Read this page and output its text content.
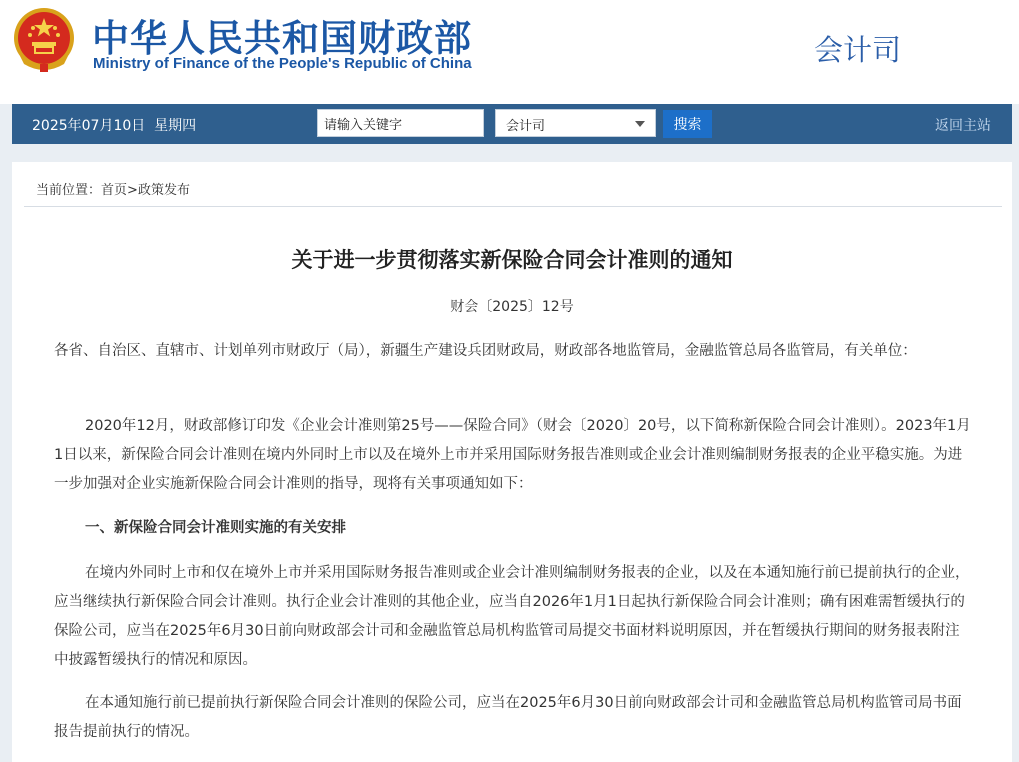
中华人民共和国财政部
Ministry of Finance of the People's Republic of China	会计司
2025年07月10日 星期四
请输入关键字	会计司	搜索	返回主站
当前位置：首页>政策发布
关于进一步贯彻落实新保险合同会计准则的通知
财会〔2025〕12号

各省、自治区、直辖市、计划单列市财政厅（局），新疆生产建设兵团财政局，财政部各地监管局，金融监管总局各监管局，有关单位：

2020年12月，财政部修订印发《企业会计准则第25号——保险合同》（财会〔2020〕20号，以下简称新保险合同会计准则）。2023年1月1日以来，新保险合同会计准则在境内外同时上市以及在境外上市并采用国际财务报告准则或企业会计准则编制财务报表的企业平稳实施。为进一步加强对企业实施新保险合同会计准则的指导，现将有关事项通知如下：

一、新保险合同会计准则实施的有关安排

在境内外同时上市和仅在境外上市并采用国际财务报告准则或企业会计准则编制财务报表的企业，以及在本通知施行前已提前执行的企业，应当继续执行新保险合同会计准则。执行企业会计准则的其他企业，应当自2026年1月1日起执行新保险合同会计准则；确有困难需暂缓执行的保险公司，应当在2025年6月30日前向财政部会计司和金融监管总局机构监管司局提交书面材料说明原因，并在暂缓执行期间的财务报表附注中披露暂缓执行的情况和原因。

在本通知施行前已提前执行新保险合同会计准则的保险公司，应当在2025年6月30日前向财政部会计司和金融监管总局机构监管司局书面报告提前执行的情况。
